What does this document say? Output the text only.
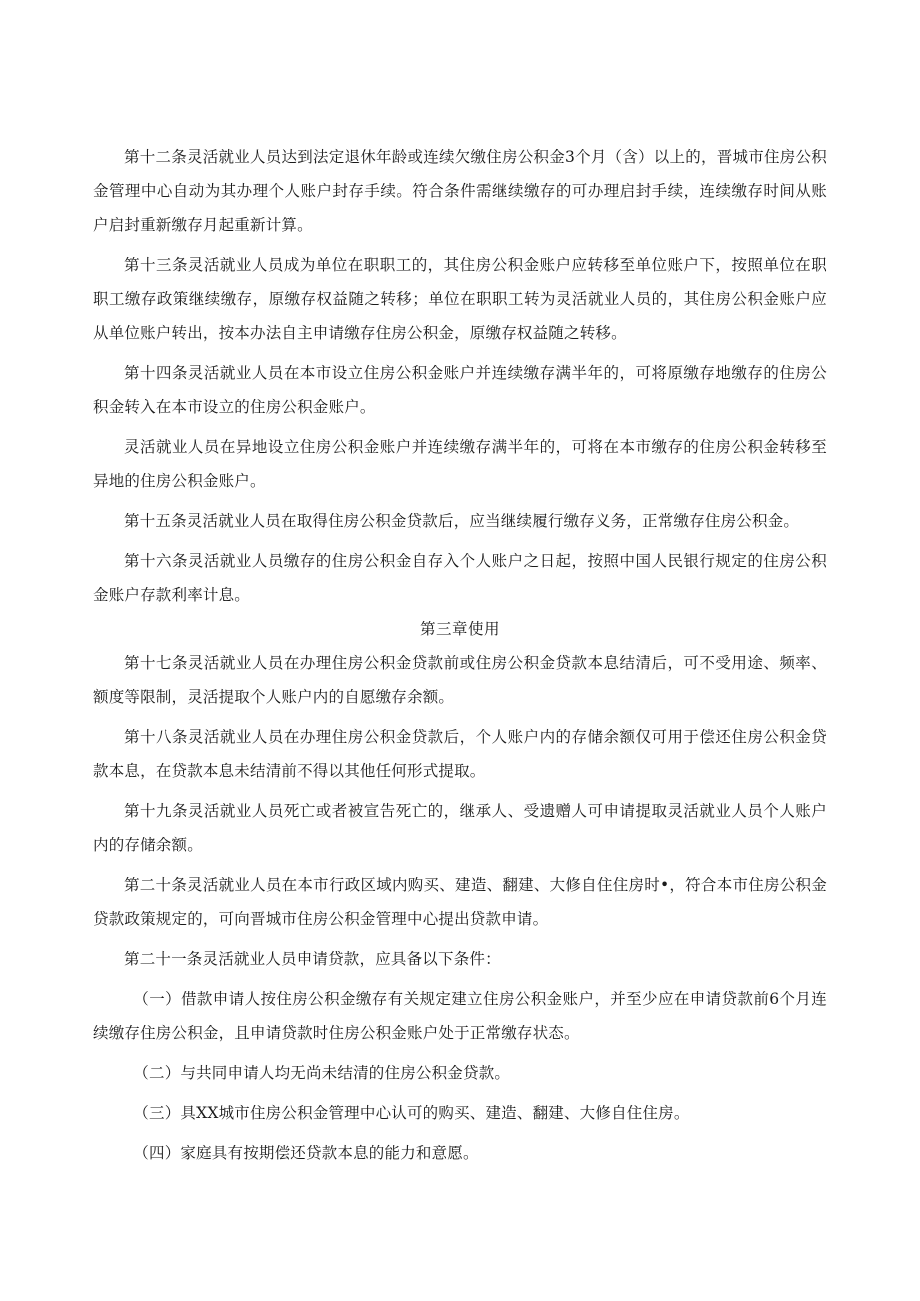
第十二条灵活就业人员达到法定退休年龄或连续欠缴住房公积金3个月（含）以上的，晋城市住房公积金管理中心自动为其办理个人账户封存手续。符合条件需继续缴存的可办理启封手续，连续缴存时间从账户启封重新缴存月起重新计算。

第十三条灵活就业人员成为单位在职职工的，其住房公积金账户应转移至单位账户下，按照单位在职职工缴存政策继续缴存，原缴存权益随之转移；单位在职职工转为灵活就业人员的，其住房公积金账户应从单位账户转出，按本办法自主申请缴存住房公积金，原缴存权益随之转移。

第十四条灵活就业人员在本市设立住房公积金账户并连续缴存满半年的，可将原缴存地缴存的住房公积金转入在本市设立的住房公积金账户。

灵活就业人员在异地设立住房公积金账户并连续缴存满半年的，可将在本市缴存的住房公积金转移至异地的住房公积金账户。

第十五条灵活就业人员在取得住房公积金贷款后，应当继续履行缴存义务，正常缴存住房公积金。

第十六条灵活就业人员缴存的住房公积金自存入个人账户之日起，按照中国人民银行规定的住房公积金账户存款利率计息。

第三章使用

第十七条灵活就业人员在办理住房公积金贷款前或住房公积金贷款本息结清后，可不受用途、频率、额度等限制，灵活提取个人账户内的自愿缴存余额。

第十八条灵活就业人员在办理住房公积金贷款后，个人账户内的存储余额仅可用于偿还住房公积金贷款本息，在贷款本息未结清前不得以其他任何形式提取。

第十九条灵活就业人员死亡或者被宣告死亡的，继承人、受遗赠人可申请提取灵活就业人员个人账户内的存储余额。

第二十条灵活就业人员在本市行政区域内购买、建造、翻建、大修自住住房时•，符合本市住房公积金贷款政策规定的，可向晋城市住房公积金管理中心提出贷款申请。

第二十一条灵活就业人员申请贷款，应具备以下条件：

（一）借款申请人按住房公积金缴存有关规定建立住房公积金账户，并至少应在申请贷款前6个月连续缴存住房公积金，且申请贷款时住房公积金账户处于正常缴存状态。

（二）与共同申请人均无尚未结清的住房公积金贷款。

（三）具XX城市住房公积金管理中心认可的购买、建造、翻建、大修自住住房。

（四）家庭具有按期偿还贷款本息的能力和意愿。
